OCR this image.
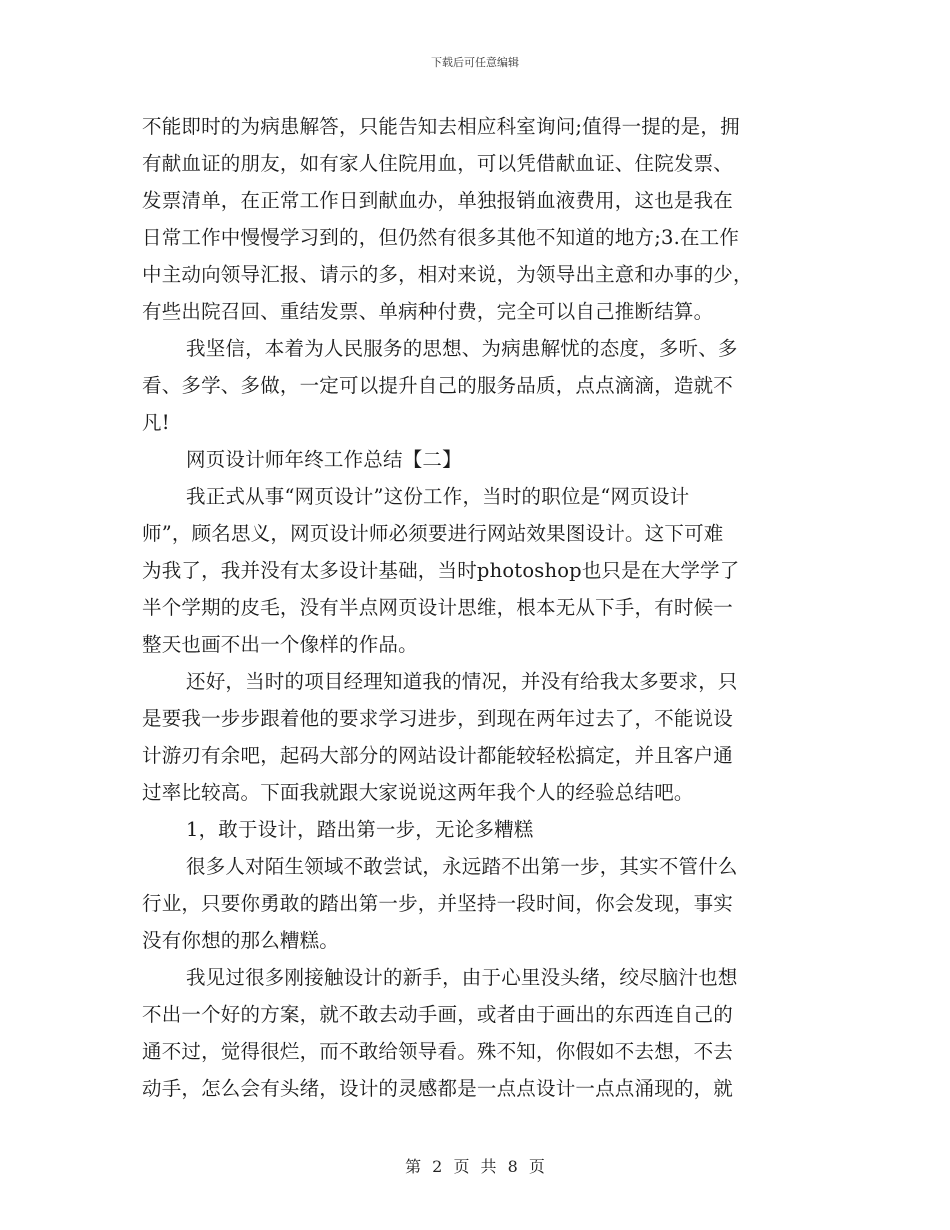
下载后可任意编辑
不能即时的为病患解答，只能告知去相应科室询问;值得一提的是，拥
有献血证的朋友，如有家人住院用血，可以凭借献血证、住院发票、
发票清单，在正常工作日到献血办，单独报销血液费用，这也是我在
日常工作中慢慢学习到的，但仍然有很多其他不知道的地方;3.在工作
中主动向领导汇报、请示的多，相对来说，为领导出主意和办事的少，
有些出院召回、重结发票、单病种付费，完全可以自己推断结算。
我坚信，本着为人民服务的思想、为病患解忧的态度，多听、多
看、多学、多做，一定可以提升自己的服务品质，点点滴滴，造就不
凡!
网页设计师年终工作总结【二】
我正式从事“网页设计”这份工作，当时的职位是“网页设计
师”，顾名思义，网页设计师必须要进行网站效果图设计。这下可难
为我了，我并没有太多设计基础，当时photoshop也只是在大学学了
半个学期的皮毛，没有半点网页设计思维，根本无从下手，有时候一
整天也画不出一个像样的作品。
还好，当时的项目经理知道我的情况，并没有给我太多要求，只
是要我一步步跟着他的要求学习进步，到现在两年过去了，不能说设
计游刃有余吧，起码大部分的网站设计都能较轻松搞定，并且客户通
过率比较高。下面我就跟大家说说这两年我个人的经验总结吧。
1，敢于设计，踏出第一步，无论多糟糕
很多人对陌生领域不敢尝试，永远踏不出第一步，其实不管什么
行业，只要你勇敢的踏出第一步，并坚持一段时间，你会发现，事实
没有你想的那么糟糕。
我见过很多刚接触设计的新手，由于心里没头绪，绞尽脑汁也想
不出一个好的方案，就不敢去动手画，或者由于画出的东西连自己的
通不过，觉得很烂，而不敢给领导看。殊不知，你假如不去想，不去
动手，怎么会有头绪，设计的灵感都是一点点设计一点点涌现的，就
第 2 页 共 8 页
